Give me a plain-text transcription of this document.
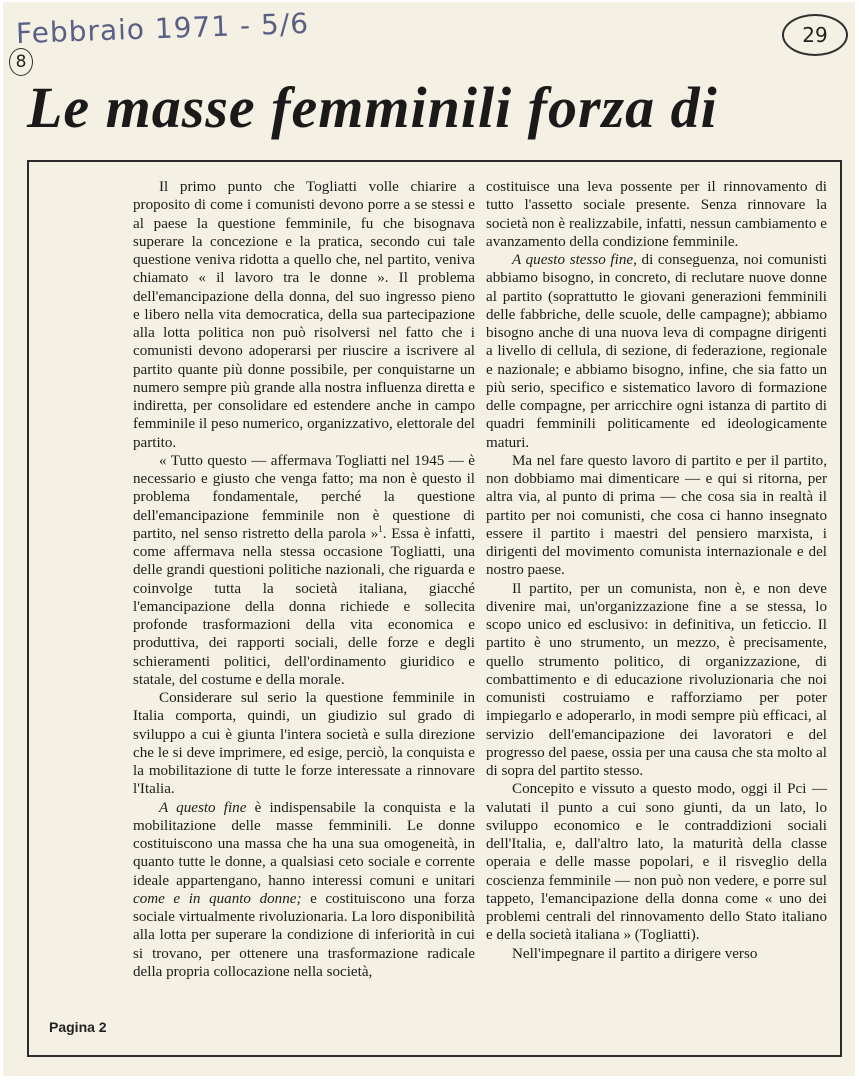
Febbraio 1971 - 5/6
8
29
Le masse femminili forza di

Il primo punto che Togliatti volle chiarire a proposito di come i comunisti devono porre a se stessi e al paese la questione femminile, fu che bisognava superare la concezione e la pratica, secondo cui tale questione veniva ridotta a quello che, nel partito, veniva chiamato « il lavoro tra le donne ». Il problema dell'emancipazione della donna, del suo ingresso pieno e libero nella vita democratica, della sua partecipazione alla lotta politica non può risolversi nel fatto che i comunisti devono adoperarsi per riuscire a iscrivere al partito quante più donne possibile, per conquistarne un numero sempre più grande alla nostra influenza diretta e indiretta, per consolidare ed estendere anche in campo femminile il peso numerico, organizzativo, elettorale del partito.

« Tutto questo — affermava Togliatti nel 1945 — è necessario e giusto che venga fatto; ma non è questo il problema fondamentale, perché la questione dell'emancipazione femminile non è questione di partito, nel senso ristretto della parola »$^1$. Essa è infatti, come affermava nella stessa occasione Togliatti, una delle grandi questioni politiche nazionali, che riguarda e coinvolge tutta la società italiana, giacché l'emancipazione della donna richiede e sollecita profonde trasformazioni della vita economica e produttiva, dei rapporti sociali, delle forze e degli schieramenti politici, dell'ordinamento giuridico e statale, del costume e della morale.

Considerare sul serio la questione femminile in Italia comporta, quindi, un giudizio sul grado di sviluppo a cui è giunta l'intera società e sulla direzione che le si deve imprimere, ed esige, perciò, la conquista e la mobilitazione di tutte le forze interessate a rinnovare l'Italia.

A questo fine è indispensabile la conquista e la mobilitazione delle masse femminili. Le donne costituiscono una massa che ha una sua omogeneità, in quanto tutte le donne, a qualsiasi ceto sociale e corrente ideale appartengano, hanno interessi comuni e unitari come e in quanto donne; e costituiscono una forza sociale virtualmente rivoluzionaria. La loro disponibilità alla lotta per superare la condizione di inferiorità in cui si trovano, per ottenere una trasformazione radicale della propria collocazione nella società,

costituisce una leva possente per il rinnovamento di tutto l'assetto sociale presente. Senza rinnovare la società non è realizzabile, infatti, nessun cambiamento e avanzamento della condizione femminile.

A questo stesso fine, di conseguenza, noi comunisti abbiamo bisogno, in concreto, di reclutare nuove donne al partito (soprattutto le giovani generazioni femminili delle fabbriche, delle scuole, delle campagne); abbiamo bisogno anche di una nuova leva di compagne dirigenti a livello di cellula, di sezione, di federazione, regionale e nazionale; e abbiamo bisogno, infine, che sia fatto un più serio, specifico e sistematico lavoro di formazione delle compagne, per arricchire ogni istanza di partito di quadri femminili politicamente ed ideologicamente maturi.

Ma nel fare questo lavoro di partito e per il partito, non dobbiamo mai dimenticare — e qui si ritorna, per altra via, al punto di prima — che cosa sia in realtà il partito per noi comunisti, che cosa ci hanno insegnato essere il partito i maestri del pensiero marxista, i dirigenti del movimento comunista internazionale e del nostro paese.

Il partito, per un comunista, non è, e non deve divenire mai, un'organizzazione fine a se stessa, lo scopo unico ed esclusivo: in definitiva, un feticcio. Il partito è uno strumento, un mezzo, è precisamente, quello strumento politico, di organizzazione, di combattimento e di educazione rivoluzionaria che noi comunisti costruiamo e rafforziamo per poter impiegarlo e adoperarlo, in modi sempre più efficaci, al servizio dell'emancipazione dei lavoratori e del progresso del paese, ossia per una causa che sta molto al di sopra del partito stesso.

Concepito e vissuto a questo modo, oggi il Pci — valutati il punto a cui sono giunti, da un lato, lo sviluppo economico e le contraddizioni sociali dell'Italia, e, dall'altro lato, la maturità della classe operaia e delle masse popolari, e il risveglio della coscienza femminile — non può non vedere, e porre sul tappeto, l'emancipazione della donna come « uno dei problemi centrali del rinnovamento dello Stato italiano e della società italiana » (Togliatti).

Nell'impegnare il partito a dirigere verso

Pagina 2
